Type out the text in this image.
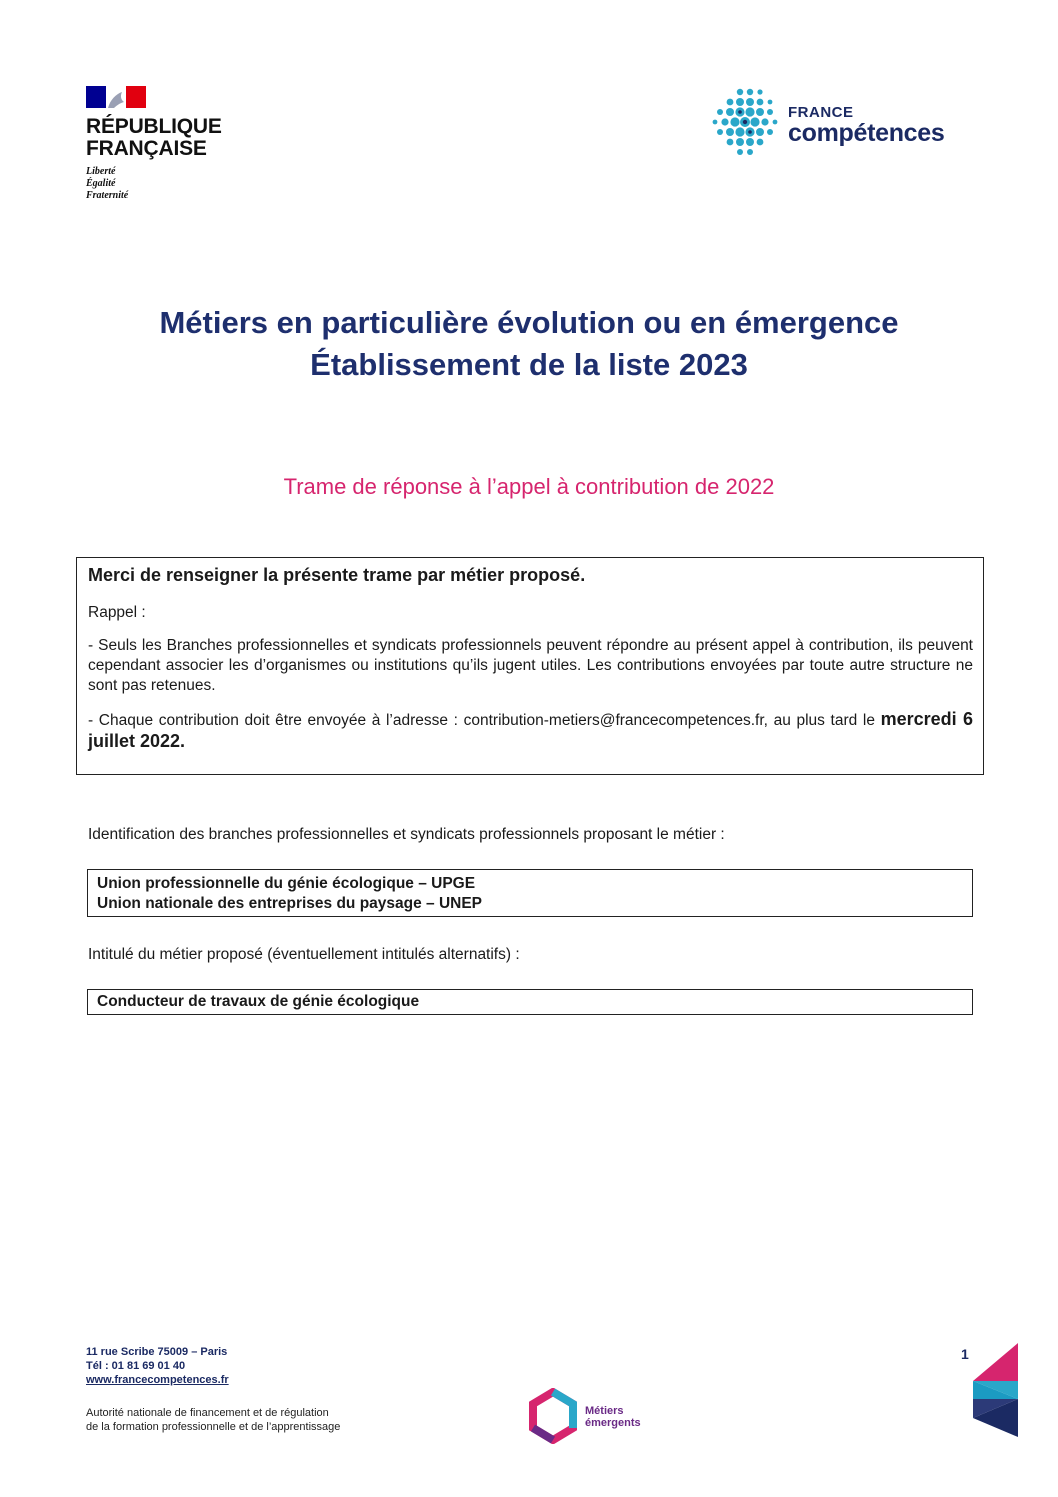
RÉPUBLIQUE
FRANÇAISE
Liberté
Égalité
Fraternité
FRANCE
compétences
Métiers en particulière évolution ou en émergence
Établissement de la liste 2023
Trame de réponse à l’appel à contribution de 2022
Merci de renseigner la présente trame par métier proposé.

Rappel :

- Seuls les Branches professionnelles et syndicats professionnels peuvent répondre au présent appel à contribution, ils peuvent cependant associer les d’organismes ou institutions qu’ils jugent utiles. Les contributions envoyées par toute autre structure ne sont pas retenues.

- Chaque contribution doit être envoyée à l’adresse : contribution-metiers@francecompetences.fr, au plus tard le mercredi 6 juillet 2022.

Identification des branches professionnelles et syndicats professionnels proposant le métier :
Union professionnelle du génie écologique – UPGE
Union nationale des entreprises du paysage – UNEP
Intitulé du métier proposé (éventuellement intitulés alternatifs) :
Conducteur de travaux de génie écologique
11 rue Scribe 75009 – Paris
Tél : 01 81 69 01 40
www.francecompetences.fr
Autorité nationale de financement et de régulation
de la formation professionnelle et de l’apprentissage
Métiers
émergents
1
